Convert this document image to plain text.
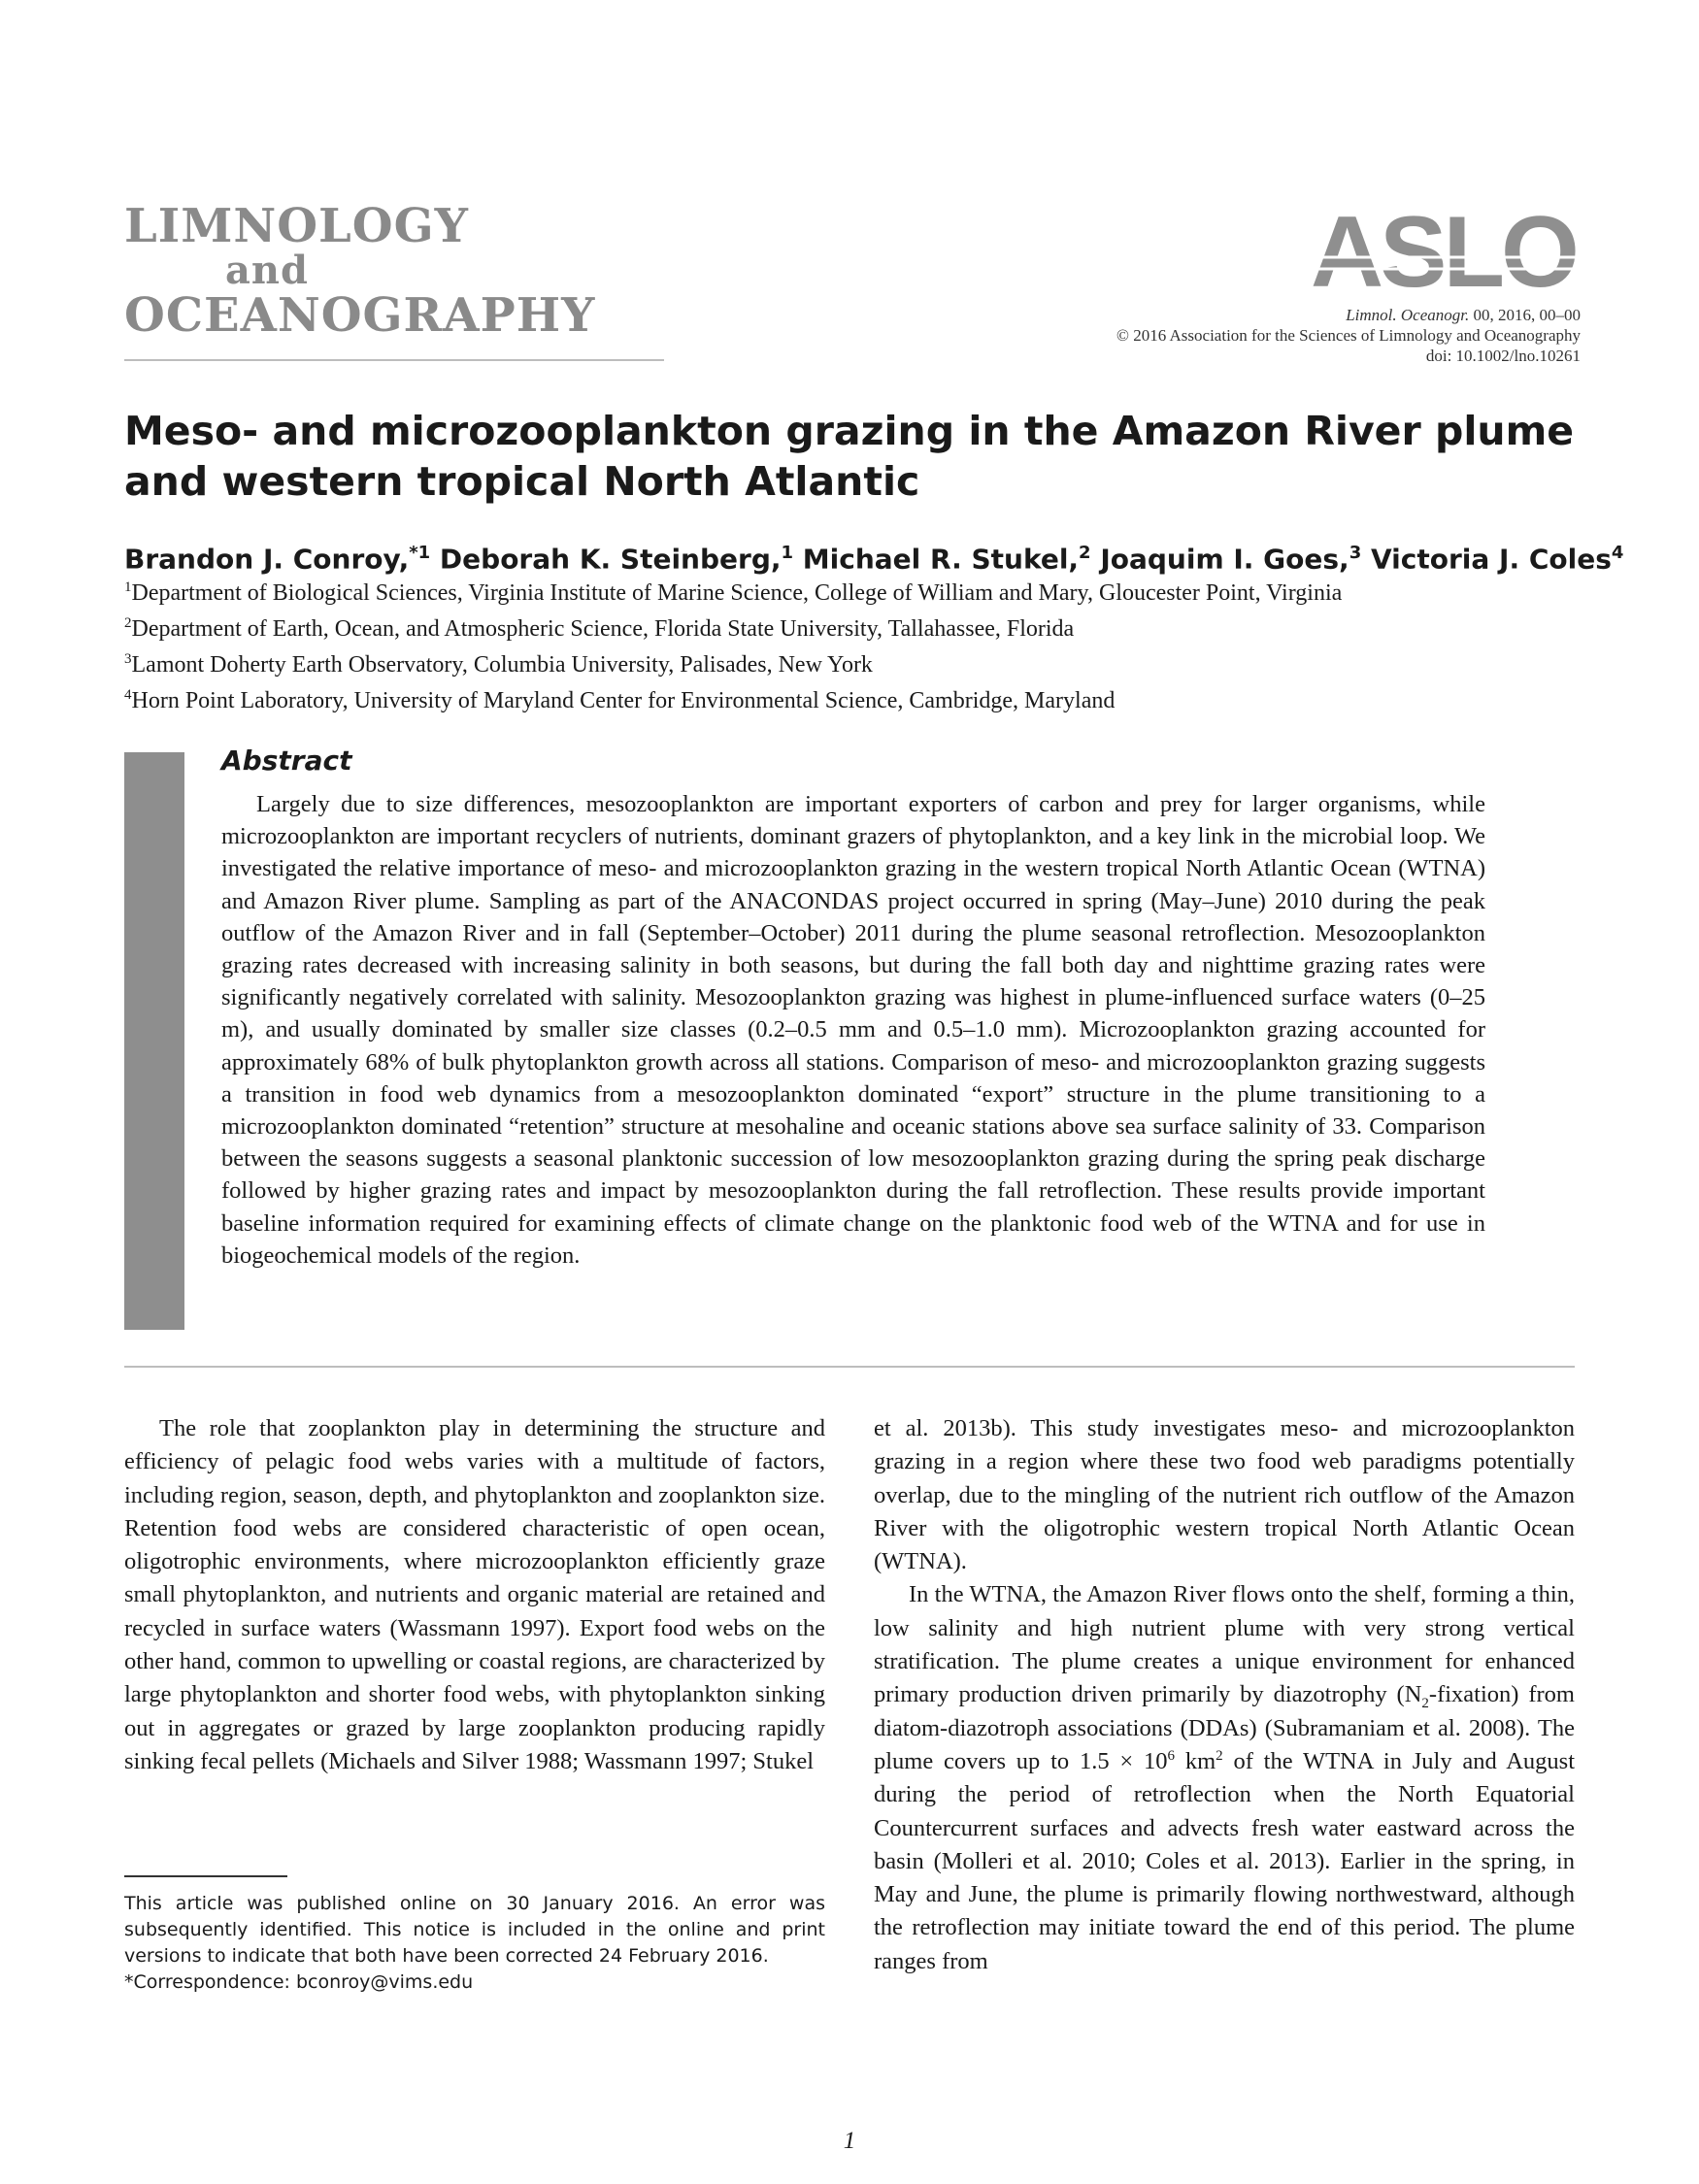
LIMNOLOGY
and
OCEANOGRAPHY
ASLO
Limnol. Oceanogr. 00, 2016, 00–00
© 2016 Association for the Sciences of Limnology and Oceanography
doi: 10.1002/lno.10261
Meso- and microzooplankton grazing in the Amazon River plume and western tropical North Atlantic
Brandon J. Conroy,$^{*1}$ Deborah K. Steinberg,$^1$ Michael R. Stukel,$^2$ Joaquim I. Goes,$^3$ Victoria J. Coles$^4$
$^1$Department of Biological Sciences, Virginia Institute of Marine Science, College of William and Mary, Gloucester Point, Virginia
$^2$Department of Earth, Ocean, and Atmospheric Science, Florida State University, Tallahassee, Florida
$^3$Lamont Doherty Earth Observatory, Columbia University, Palisades, New York
$^4$Horn Point Laboratory, University of Maryland Center for Environmental Science, Cambridge, Maryland
Abstract
Largely due to size differences, mesozooplankton are important exporters of carbon and prey for larger organisms, while microzooplankton are important recyclers of nutrients, dominant grazers of phytoplankton, and a key link in the microbial loop. We investigated the relative importance of meso- and microzooplankton grazing in the western tropical North Atlantic Ocean (WTNA) and Amazon River plume. Sampling as part of the ANACONDAS project occurred in spring (May–June) 2010 during the peak outflow of the Amazon River and in fall (September–October) 2011 during the plume seasonal retroflection. Mesozooplankton grazing rates decreased with increasing salinity in both seasons, but during the fall both day and nighttime grazing rates were significantly negatively correlated with salinity. Mesozooplankton grazing was highest in plume-influenced surface waters (0–25 m), and usually dominated by smaller size classes (0.2–0.5 mm and 0.5–1.0 mm). Microzooplankton grazing accounted for approximately 68% of bulk phytoplankton growth across all stations. Comparison of meso- and microzooplankton grazing suggests a transition in food web dynamics from a mesozooplankton dominated “export” structure in the plume transitioning to a microzooplankton dominated “retention” structure at mesohaline and oceanic stations above sea surface salinity of 33. Comparison between the seasons suggests a seasonal planktonic succession of low mesozooplankton grazing during the spring peak discharge followed by higher grazing rates and impact by mesozooplankton during the fall retroflection. These results provide important baseline information required for examining effects of climate change on the planktonic food web of the WTNA and for use in biogeochemical models of the region.

The role that zooplankton play in determining the structure and efficiency of pelagic food webs varies with a multitude of factors, including region, season, depth, and phytoplankton and zooplankton size. Retention food webs are considered characteristic of open ocean, oligotrophic environments, where microzooplankton efficiently graze small phytoplankton, and nutrients and organic material are retained and recycled in surface waters (Wassmann 1997). Export food webs on the other hand, common to upwelling or coastal regions, are characterized by large phytoplankton and shorter food webs, with phytoplankton sinking out in aggregates or grazed by large zooplankton producing rapidly sinking fecal pellets (Michaels and Silver 1988; Wassmann 1997; Stukel

et al. 2013b). This study investigates meso- and microzooplankton grazing in a region where these two food web paradigms potentially overlap, due to the mingling of the nutrient rich outflow of the Amazon River with the oligotrophic western tropical North Atlantic Ocean (WTNA).

In the WTNA, the Amazon River flows onto the shelf, forming a thin, low salinity and high nutrient plume with very strong vertical stratification. The plume creates a unique environment for enhanced primary production driven primarily by diazotrophy $(N_2-fixation)$ from diatom-diazotroph associations (DDAs) (Subramaniam et al. 2008). The plume covers up to $1.5 \times 10^6$ $km^2$ of the WTNA in July and August during the period of retroflection when the North Equatorial Countercurrent surfaces and advects fresh water eastward across the basin (Molleri et al. 2010; Coles et al. 2013). Earlier in the spring, in May and June, the plume is primarily flowing northwestward, although the retroflection may initiate toward the end of this period. The plume ranges from

This article was published online on 30 January 2016. An error was subsequently identified. This notice is included in the online and print versions to indicate that both have been corrected 24 February 2016.
*Correspondence: bconroy@vims.edu
1
